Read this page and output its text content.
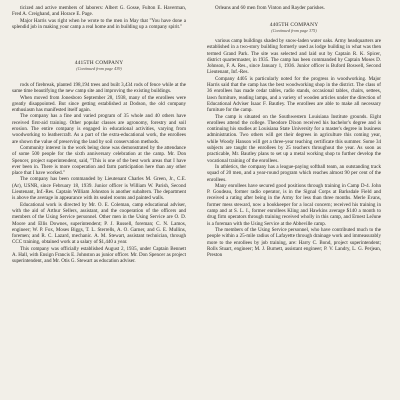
ticized and active members of laborers: Albert G. Gosse, Fulton E. Haverman, Fred A. Creighand, and Horace E. Page.

Major Harris was right when he wrote to the men in May that "You have done a splendid job in making your camp a real home and in building up a company spirit."

4415TH COMPANY
(Continued from page 439)

rods of firebreak, planted 198,194 trees and built 3,434 rods of fence while at the same time beautifying the new camp site and improving the existing buildings.

When moved from Jonesboro September 28, 1938, many of the enrollees were greatly disappointed. But since getting established at Dodson, the old company enthusiasm has manifested itself again.

The company has a fine and varied program of 35 whole and 40 others have received first-aid training. Other popular classes are agronomy, forestry and soil erosion. The entire company is engaged in educational activities, varying from woodworking to leathercraft. As a part of the extra-educational work, the enrollees are shown the value of preserving the land by soil conservation methods.

Community interest in the work being done was demonstrated by the attendance of some 500 people for the sixth anniversary celebration at the camp. Mr. Don Spencer, project superintendent, said, "This is one of the best work areas that I have ever been in. There is more cooperation and farm participation here than any other place that I have worked."

The company has been commanded by Lieutenant Charles M. Green, Jr., C.E. (Ar), USNR, since February 18, 1939. Junior officer is William W. Parish, Second Lieutenant, Inf.-Res. Captain William Johnston is another subaltern. The department is above the average in appearance with its sealed rooms and painted walls.

Educational work is directed by Mr. O. E. Coleman, camp educational adviser, with the aid of Arthur Sellers, assistant, and the cooperation of the officers and members of the Using Service personnel. Other men in the Using Service are O. D. Moore and Ellis Downes, superintendent; P. J. Russell, foreman; C. N. Lamos, engineer; W. P. Fox, Moses Biggs, T. L. Sterrells, A. O. Garner, and G. E. Mullins, foremen; and R. C. Lazard, mechanic. A. M. Stewart, assistant technician, through CCC training, obtained work at a salary of $1,440 a year.

This company was officially established August 2, 1935, under Captain Bennett A. Hall, with Ensign Francis E. Johnston as junior officer. Mr. Don Spencer as project superintendent, and Mr. Otis G. Stewart as education adviser.

Orleans and 60 men from Vinton and Rayder parishes.

4405TH COMPANY
(Continued from page 375)

various camp buildings shaded by snow-laden water oaks. Army headquarters are established in a two-story building formerly used as lodge building in what was then termed Grand Park. The site was selected and laid out by Captain R. K. Spicer, district quartermaster, in 1935. The camp has been commanded by Captain Moses D. Johnson, F. A. Res., since January 1, 1936. Junior officer is Buford Boswell, Second Lieutenant, Inf.-Res.

Company 4405 is particularly noted for the progress in woodworking. Major Harris said that the camp has the best woodworking shop in the district. The class of 36 enrollees has made cedar tables, radio stands, occasional tables, chairs, settees, lawn furniture, reading lamps, and a variety of wooden articles under the direction of Educational Adviser Isaac F. Bautley. The enrollees are able to make all necessary furniture for the camp.

The camp is situated on the Southwestern Louisiana Institute grounds. Eight enrollees attend the college. Theodore Dixon received his bachelor's degree and is continuing his studies at Louisiana State University for a master's degree in business administration. Two others will get their degrees in agriculture this coming year, while Woody Hanson will get a three-year teaching certificate this summer. Some 34 subjects are taught the enrollees by 25 teachers throughout the year. As soon as practicable, Mr. Bautley plans to set up a metal working shop to further develop the vocational training of the enrollees.

In athletics, the company has a league-paying softball team, an outstanding track squad of 20 men, and a year-round program which reaches almost 90 per cent of the enrollees.

Many enrollees have secured good positions through training in Camp D-4. John P. Goudeau, former radio operator, is in the Signal Corps at Barksdale Field and received a rating after being in the Army for less than three months. Merle Evans, former mess steward, now a bookkeeper for a local concern; received his training in camp and at S. L. I., former enrollees Kling and Hawkins average $140 a month to drug firm operators through training received wholly in this camp, and Ernest LeJune is a foreman with the Using Service at the Abbeville camp.

The members of the Using Service personnel, who have contributed much to the people within a 25-mile radius of Lafayette through drainage work and immeasurably more to the enrollees by job training, are: Harry C. Bond, project superintendent; Rolls Stuart, engineer; M. J. Burnett, assistant engineer; P. V. Landry, L. G. Perjean, Preston
